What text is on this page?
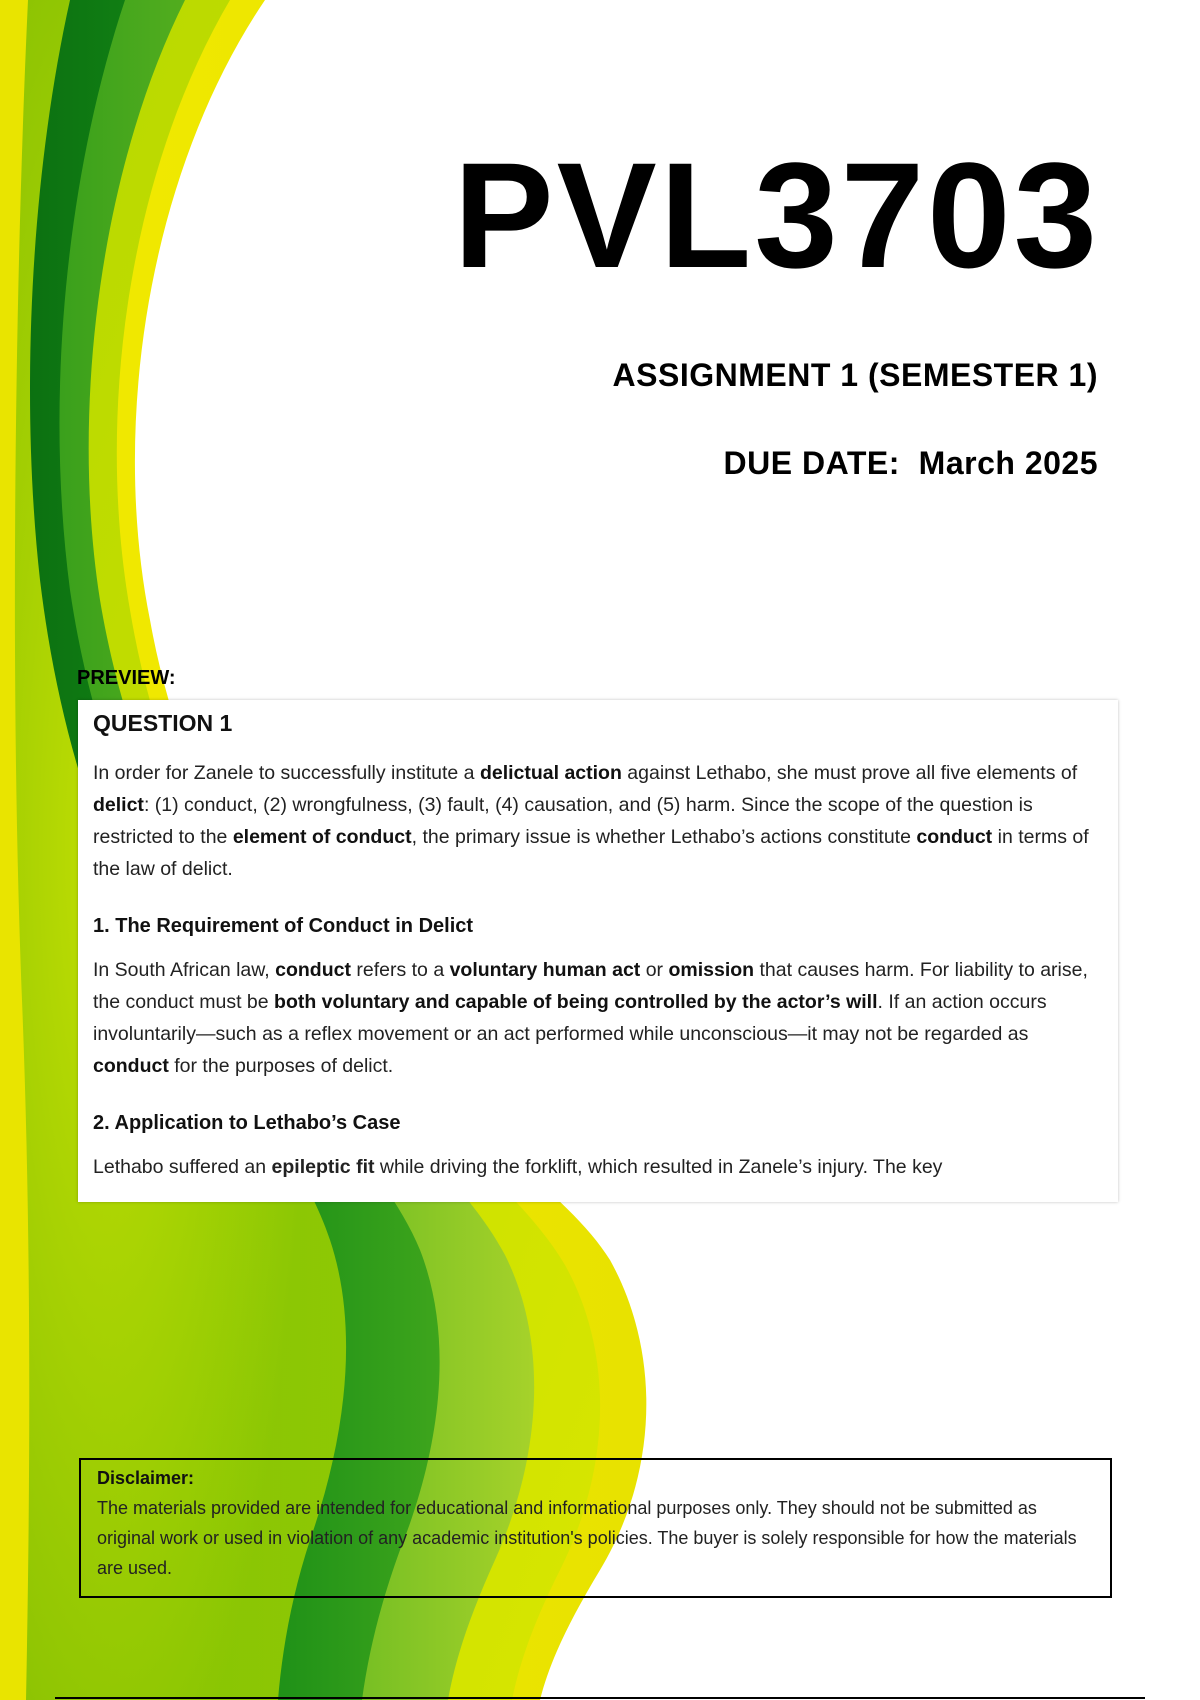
PVL3703
ASSIGNMENT 1 (SEMESTER 1)
DUE DATE:  March 2025
PREVIEW:

QUESTION 1

In order for Zanele to successfully institute a delictual action against Lethabo, she must prove all five elements of delict: (1) conduct, (2) wrongfulness, (3) fault, (4) causation, and (5) harm. Since the scope of the question is restricted to the element of conduct, the primary issue is whether Lethabo’s actions constitute conduct in terms of the law of delict.

1. The Requirement of Conduct in Delict

In South African law, conduct refers to a voluntary human act or omission that causes harm. For liability to arise, the conduct must be both voluntary and capable of being controlled by the actor’s will. If an action occurs involuntarily—such as a reflex movement or an act performed while unconscious—it may not be regarded as conduct for the purposes of delict.

2. Application to Lethabo’s Case

Lethabo suffered an epileptic fit while driving the forklift, which resulted in Zanele’s injury. The key

Disclaimer:

The materials provided are intended for educational and informational purposes only. They should not be submitted as original work or used in violation of any academic institution's policies. The buyer is solely responsible for how the materials are used.
